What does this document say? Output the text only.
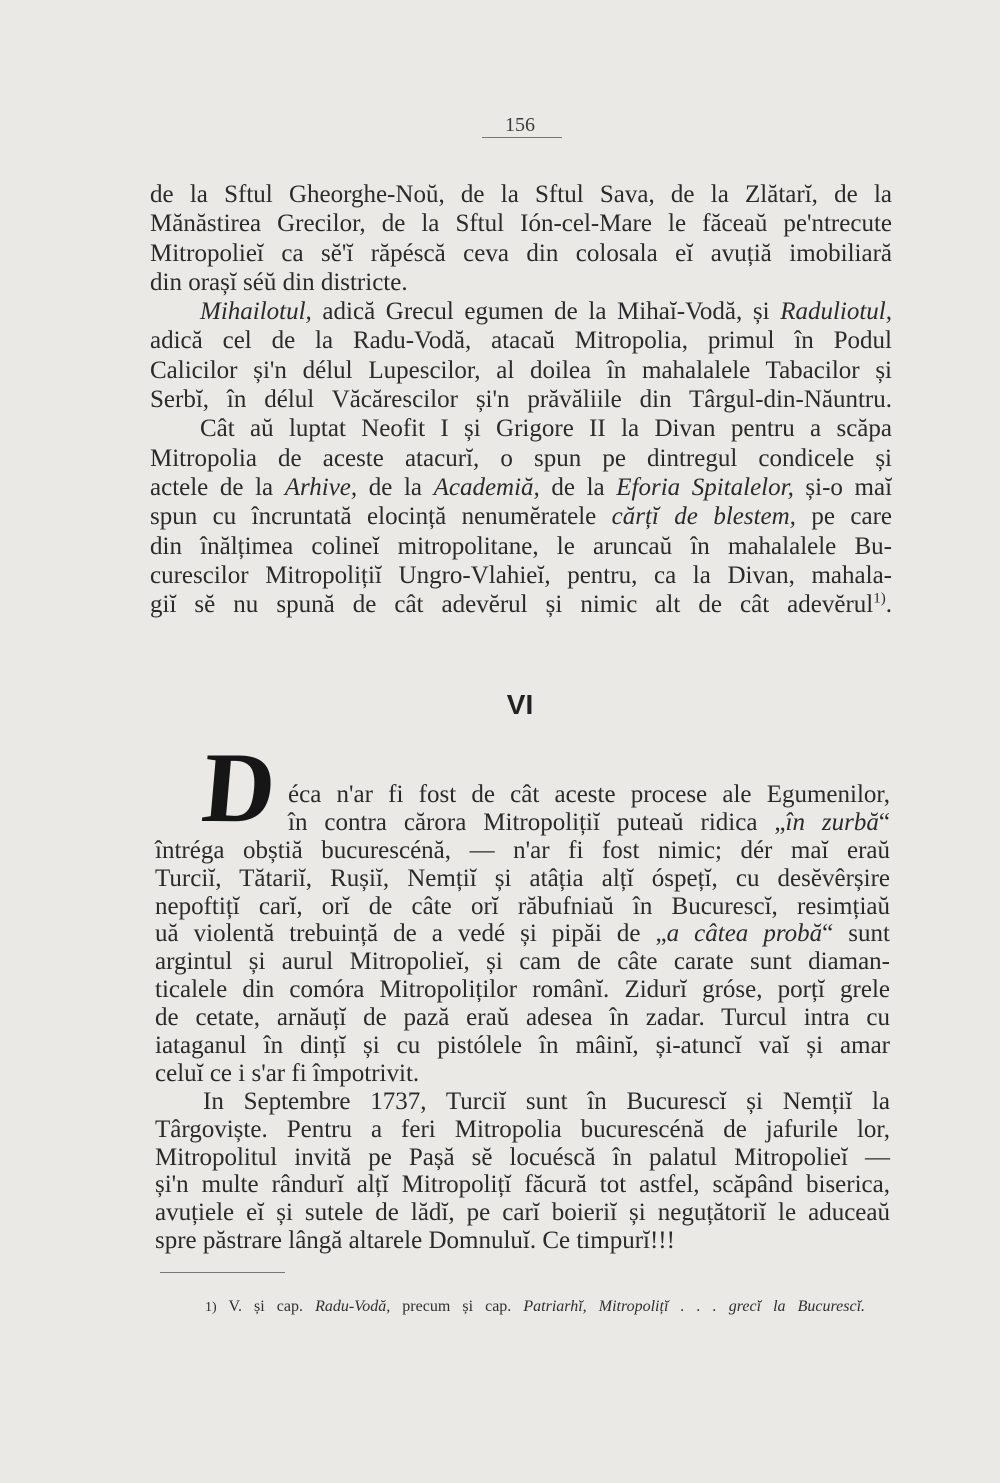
156
de la Sftul Gheorghe-Noŭ, de la Sftul Sava, de la Zlătarĭ, de la
Mănăstirea Grecilor, de la Sftul Ión-cel-Mare le făceaŭ pe'ntrecute
Mitropolieĭ ca sĕ'ĭ răpéscă ceva din colosala eĭ avuțiă imobiliară
din orașĭ séŭ din districte.
Mihailotul, adică Grecul egumen de la Mihaĭ-Vodă, și Raduliotul,
adică cel de la Radu-Vodă, atacaŭ Mitropolia, primul în Podul
Calicilor și'n délul Lupescilor, al doilea în mahalalele Tabacilor și
Serbĭ, în délul Văcărescilor și'n prăvăliile din Târgul-din-Năuntru.
Cât aŭ luptat Neofit I și Grigore II la Divan pentru a scăpa
Mitropolia de aceste atacurĭ, o spun pe dintregul condicele și
actele de la Arhive, de la Academiă, de la Eforia Spitalelor, și-o maĭ
spun cu încruntată elocință nenumĕratele cărțĭ de blestem, pe care
din înălțimea colineĭ mitropolitane, le aruncaŭ în mahalalele Bu-
curescilor Mitropolițiĭ Ungro-Vlahieĭ, pentru, ca la Divan, mahala-
giĭ sĕ nu spună de cât adevĕrul și nimic alt de cât adevĕrul$^{1)}$.
VI
D éca n'ar fi fost de cât aceste procese ale Egumenilor,
în contra cărora Mitropolițiĭ puteaŭ ridica „în zurbă“
întréga obștiă bucurescénă, — n'ar fi fost nimic; dér maĭ eraŭ
Turciĭ, Tătariĭ, Rușiĭ, Nemțiĭ și atâția alțĭ óspețĭ, cu desĕvêrșire
nepoftițĭ carĭ, orĭ de câte orĭ răbufniaŭ în Bucurescĭ, resimțiaŭ
uă violentă trebuință de a vedé și pipăi de „a câtea probă“ sunt
argintul și aurul Mitropolieĭ, și cam de câte carate sunt diaman-
ticalele din comóra Mitropoliților românĭ. Zidurĭ gróse, porțĭ grele
de cetate, arnăuțĭ de pază eraŭ adesea în zadar. Turcul intra cu
iataganul în dințĭ și cu pistólele în mâinĭ, și-atuncĭ vaĭ și amar
celuĭ ce i s'ar fi împotrivit.
In Septembre 1737, Turciĭ sunt în Bucurescĭ și Nemțiĭ la
Târgoviște. Pentru a feri Mitropolia bucurescénă de jafurile lor,
Mitropolitul invită pe Pașă sĕ locuéscă în palatul Mitropolieĭ —
și'n multe rândurĭ alțĭ Mitropolițĭ făcură tot astfel, scăpând biserica,
avuțiele eĭ și sutele de lădĭ, pe carĭ boieriĭ și neguțătoriĭ le aduceaŭ
spre păstrare lângă altarele Domnuluĭ. Ce timpurĭ!!!
1) V. și cap. Radu-Vodă, precum și cap. Patriarhĭ, Mitropolițĭ . . . grecĭ la Bucurescĭ.
